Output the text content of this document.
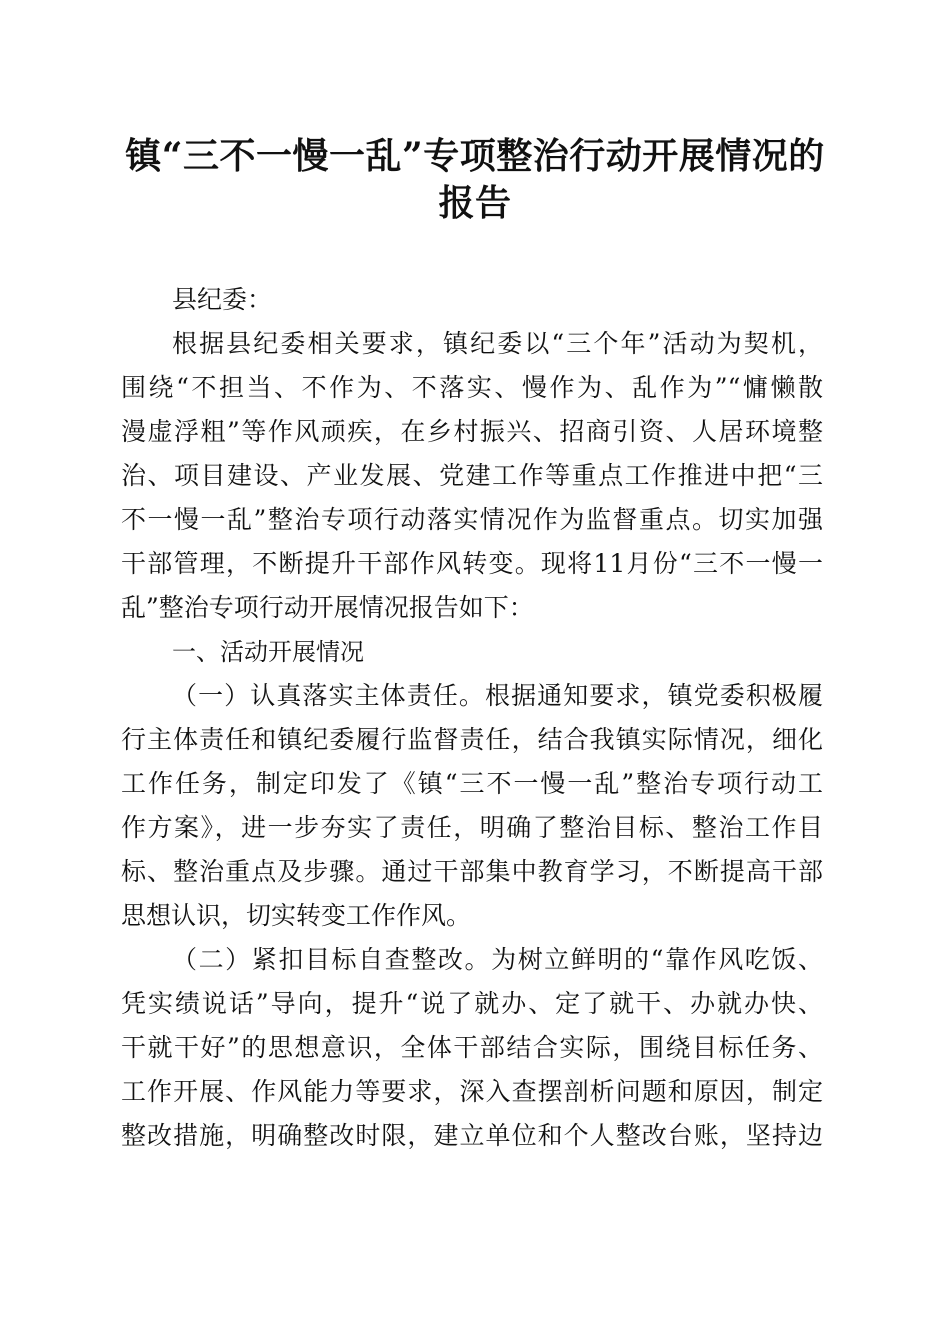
镇“三不一慢一乱”专项整治行动开展情况的
报告
县纪委：
根据县纪委相关要求，镇纪委以“三个年”活动为契机，
围绕“不担当、不作为、不落实、慢作为、乱作为”“慵懒散
漫虚浮粗”等作风顽疾，在乡村振兴、招商引资、人居环境整
治、项目建设、产业发展、党建工作等重点工作推进中把“三
不一慢一乱”整治专项行动落实情况作为监督重点。切实加强
干部管理，不断提升干部作风转变。现将11月份“三不一慢一
乱”整治专项行动开展情况报告如下：
一、活动开展情况
（一）认真落实主体责任。根据通知要求，镇党委积极履
行主体责任和镇纪委履行监督责任，结合我镇实际情况，细化
工作任务，制定印发了《镇“三不一慢一乱”整治专项行动工
作方案》，进一步夯实了责任，明确了整治目标、整治工作目
标、整治重点及步骤。通过干部集中教育学习，不断提高干部
思想认识，切实转变工作作风。
（二）紧扣目标自查整改。为树立鲜明的“靠作风吃饭、
凭实绩说话”导向，提升“说了就办、定了就干、办就办快、
干就干好”的思想意识，全体干部结合实际，围绕目标任务、
工作开展、作风能力等要求，深入查摆剖析问题和原因，制定
整改措施，明确整改时限，建立单位和个人整改台账，坚持边
